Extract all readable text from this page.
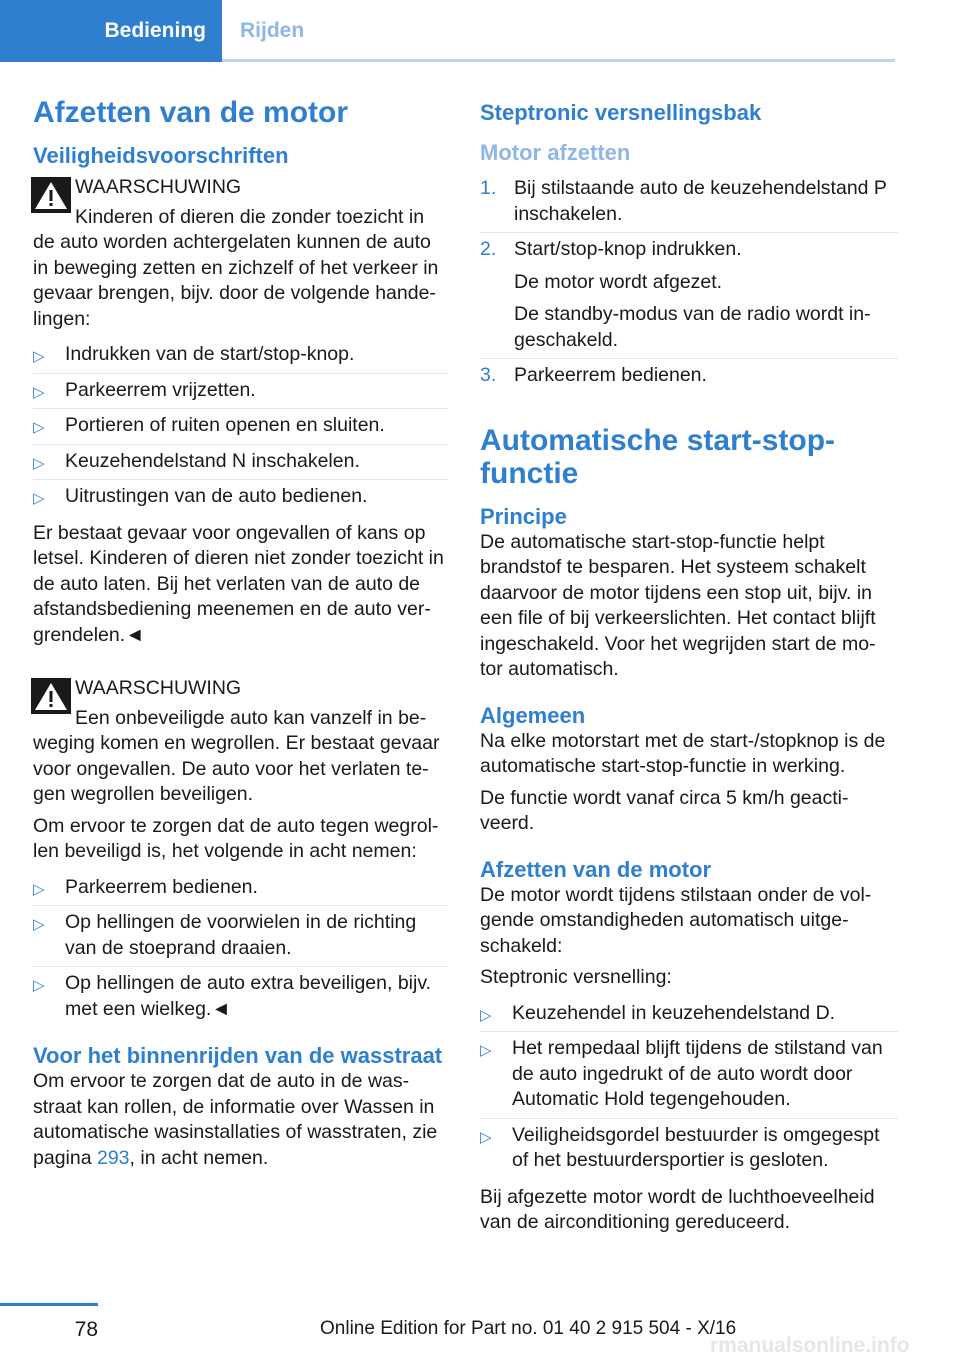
Bediening	Rijden
Afzetten van de motor
Veiligheidsvoorschriften
WAARSCHUWING
Kinderen of dieren die zonder toezicht in

de auto worden achtergelaten kunnen de auto in beweging zetten en zichzelf of het verkeer in gevaar brengen, bijv. door de volgende hande-lingen:

▷ Indrukken van de start/stop-knop.
▷ Parkeerrem vrijzetten.
▷ Portieren of ruiten openen en sluiten.
▷ Keuzehendelstand N inschakelen.
▷ Uitrustingen van de auto bedienen.

Er bestaat gevaar voor ongevallen of kans op letsel. Kinderen of dieren niet zonder toezicht in de auto laten. Bij het verlaten van de auto de afstandsbediening meenemen en de auto ver-grendelen.◄

WAARSCHUWING
Een onbeveiligde auto kan vanzelf in be-

weging komen en wegrollen. Er bestaat gevaar voor ongevallen. De auto voor het verlaten te-gen wegrollen beveiligen.

Om ervoor te zorgen dat de auto tegen wegrol-len beveiligd is, het volgende in acht nemen:

▷ Parkeerrem bedienen.
▷ Op hellingen de voorwielen in de richting van de stoeprand draaien.
▷ Op hellingen de auto extra beveiligen, bijv. met een wielkeg.◄
Voor het binnenrijden van de wasstraat

Om ervoor te zorgen dat de auto in de was-straat kan rollen, de informatie over Wassen in automatische wasinstallaties of wasstraten, zie pagina 293, in acht nemen.

Steptronic versnellingsbak
Motor afzetten
1. Bij stilstaande auto de keuzehendelstand P inschakelen.
2. Start/stop-knop indrukken.
De motor wordt afgezet.
De standby-modus van de radio wordt in-geschakeld.
3. Parkeerrem bedienen.
Automatische start-stop-functie
Principe

De automatische start-stop-functie helpt brandstof te besparen. Het systeem schakelt daarvoor de motor tijdens een stop uit, bijv. in een file of bij verkeerslichten. Het contact blijft ingeschakeld. Voor het wegrijden start de mo-tor automatisch.

Algemeen

Na elke motorstart met de start-/stopknop is de automatische start-stop-functie in werking.

De functie wordt vanaf circa 5 km/h geacti-veerd.

Afzetten van de motor

De motor wordt tijdens stilstaan onder de vol-gende omstandigheden automatisch uitge-schakeld:

Steptronic versnelling:

▷ Keuzehendel in keuzehendelstand D.
▷ Het rempedaal blijft tijdens de stilstand van de auto ingedrukt of de auto wordt door Automatic Hold tegengehouden.
▷ Veiligheidsgordel bestuurder is omgegespt of het bestuurdersportier is gesloten.

Bij afgezette motor wordt de luchthoeveelheid van de airconditioning gereduceerd.

78	Online Edition for Part no. 01 40 2 915 504 - X/16
rmanualsonline.info
